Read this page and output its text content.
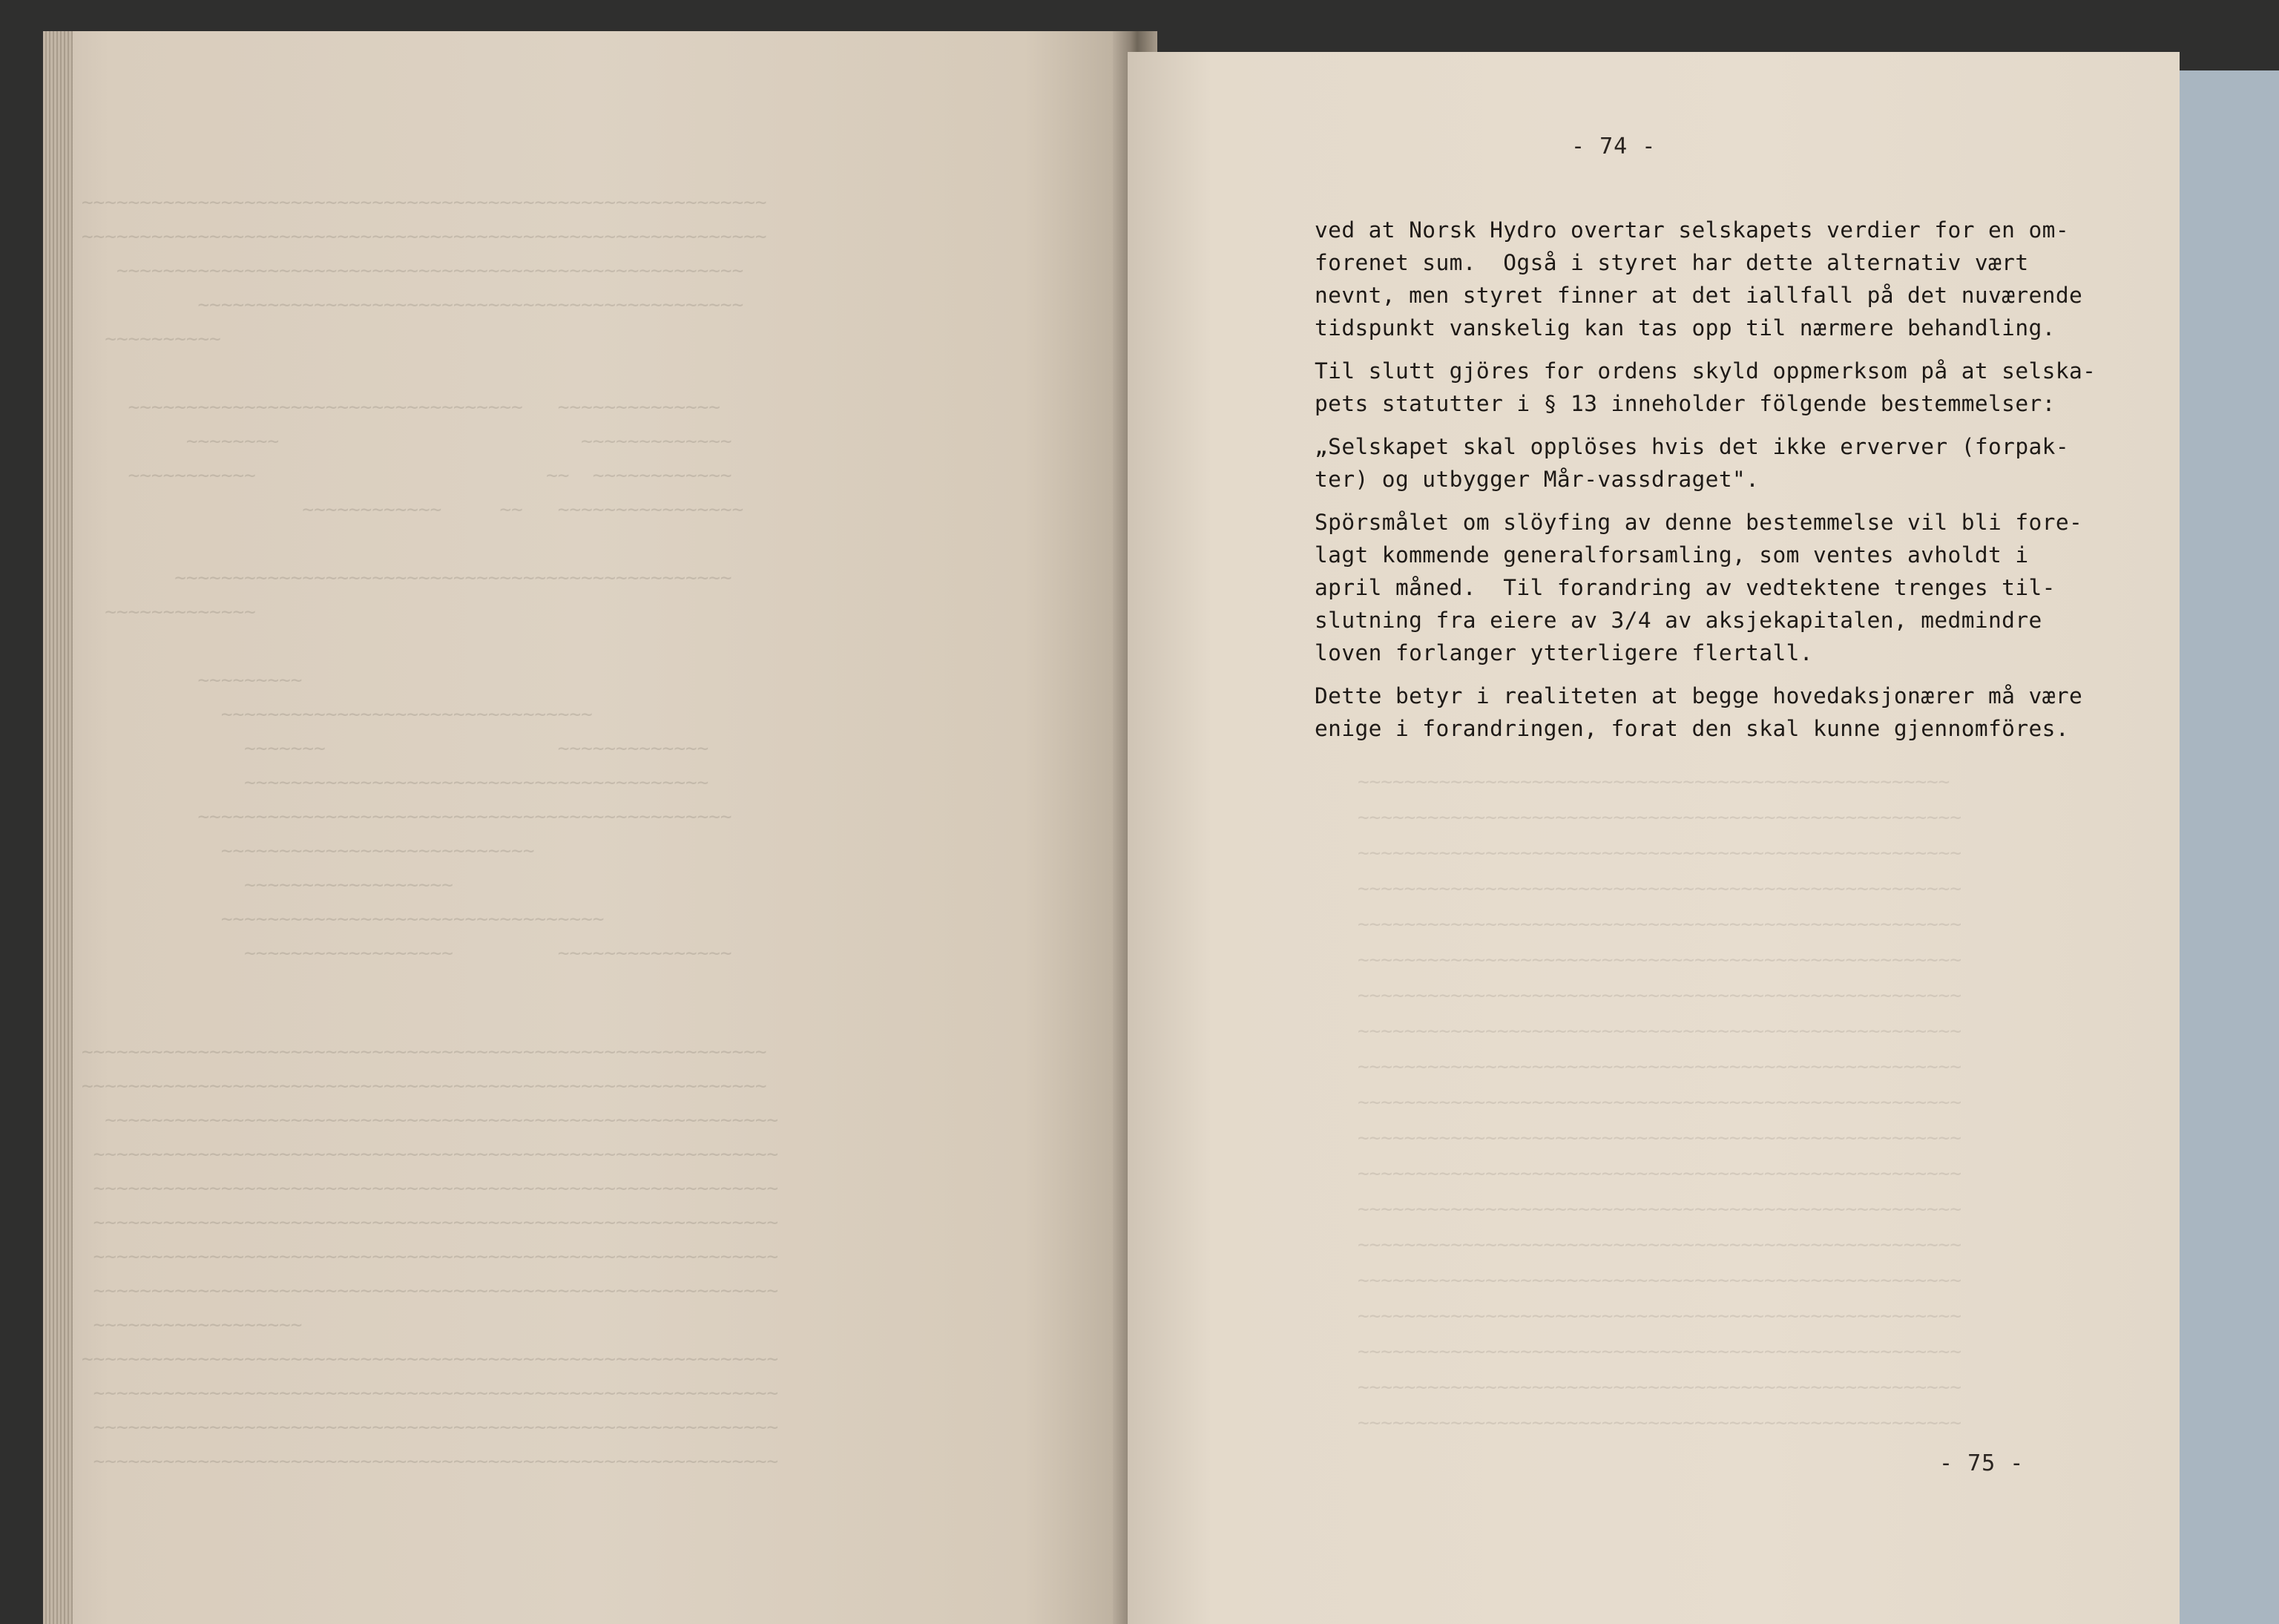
~~~~~~~~~~~~~~~~~~~~~~~~~~~~~~~~~~~~~~~~~~~~~~~~~~~~~~~~~~~
~~~~~~~~~~~~~~~~~~~~~~~~~~~~~~~~~~~~~~~~~~~~~~~~~~~~~~~~~~~
~~~~~~~~~~~~~~~~~~~~~~~~~~~~~~~~~~~~~~~~~~~~~~~~~~~~~~
~~~~~~~~~~~~~~~~~~~~~~~~~~~~~~~~~~~~~~~~~~~~~~~
~~~~~~~~~~

~~~~~~~~~~~~~~~~~~~~~~~~~~~~~~~~~~   ~~~~~~~~~~~~~~
~~~~~~~~                          ~~~~~~~~~~~~~
~~~~~~~~~~~                         ~~  ~~~~~~~~~~~~
~~~~~~~~~~~~     ~~   ~~~~~~~~~~~~~~~~

~~~~~~~~~~~~~~~~~~~~~~~~~~~~~~~~~~~~~~~~~~~~~~~~
~~~~~~~~~~~~~

~~~~~~~~~
~~~~~~~~~~~~~~~~~~~~~~~~~~~~~~~~
~~~~~~~                    ~~~~~~~~~~~~~
~~~~~~~~~~~~~~~~~~~~~~~~~~~~~~~~~~~~~~~~
~~~~~~~~~~~~~~~~~~~~~~~~~~~~~~~~~~~~~~~~~~~~~~
~~~~~~~~~~~~~~~~~~~~~~~~~~~
~~~~~~~~~~~~~~~~~~
~~~~~~~~~~~~~~~~~~~~~~~~~~~~~~~~~
~~~~~~~~~~~~~~~~~~         ~~~~~~~~~~~~~~~

~~~~~~~~~~~~~~~~~~~~~~~~~~~~~~~~~~~~~~~~~~~~~~~~~~~~~~~~~~~
~~~~~~~~~~~~~~~~~~~~~~~~~~~~~~~~~~~~~~~~~~~~~~~~~~~~~~~~~~~
~~~~~~~~~~~~~~~~~~~~~~~~~~~~~~~~~~~~~~~~~~~~~~~~~~~~~~~~~~
~~~~~~~~~~~~~~~~~~~~~~~~~~~~~~~~~~~~~~~~~~~~~~~~~~~~~~~~~~~
~~~~~~~~~~~~~~~~~~~~~~~~~~~~~~~~~~~~~~~~~~~~~~~~~~~~~~~~~~~
~~~~~~~~~~~~~~~~~~~~~~~~~~~~~~~~~~~~~~~~~~~~~~~~~~~~~~~~~~~
~~~~~~~~~~~~~~~~~~~~~~~~~~~~~~~~~~~~~~~~~~~~~~~~~~~~~~~~~~~
~~~~~~~~~~~~~~~~~~~~~~~~~~~~~~~~~~~~~~~~~~~~~~~~~~~~~~~~~~~
~~~~~~~~~~~~~~~~~~
~~~~~~~~~~~~~~~~~~~~~~~~~~~~~~~~~~~~~~~~~~~~~~~~~~~~~~~~~~~~
~~~~~~~~~~~~~~~~~~~~~~~~~~~~~~~~~~~~~~~~~~~~~~~~~~~~~~~~~~~
~~~~~~~~~~~~~~~~~~~~~~~~~~~~~~~~~~~~~~~~~~~~~~~~~~~~~~~~~~~
~~~~~~~~~~~~~~~~~~~~~~~~~~~~~~~~~~~~~~~~~~~~~~~~~~~~~~~~~~~

~~~~~~~~~~~~~~~~~~~~~~~~~~~~~~~~~~~~~~~~~~~~~~~~~~~
~~~~~~~~~~~~~~~~~~~~~~~~~~~~~~~~~~~~~~~~~~~~~~~~~~~~
~~~~~~~~~~~~~~~~~~~~~~~~~~~~~~~~~~~~~~~~~~~~~~~~~~~~
~~~~~~~~~~~~~~~~~~~~~~~~~~~~~~~~~~~~~~~~~~~~~~~~~~~~
~~~~~~~~~~~~~~~~~~~~~~~~~~~~~~~~~~~~~~~~~~~~~~~~~~~~
~~~~~~~~~~~~~~~~~~~~~~~~~~~~~~~~~~~~~~~~~~~~~~~~~~~~
~~~~~~~~~~~~~~~~~~~~~~~~~~~~~~~~~~~~~~~~~~~~~~~~~~~~
~~~~~~~~~~~~~~~~~~~~~~~~~~~~~~~~~~~~~~~~~~~~~~~~~~~~
~~~~~~~~~~~~~~~~~~~~~~~~~~~~~~~~~~~~~~~~~~~~~~~~~~~~
~~~~~~~~~~~~~~~~~~~~~~~~~~~~~~~~~~~~~~~~~~~~~~~~~~~~
~~~~~~~~~~~~~~~~~~~~~~~~~~~~~~~~~~~~~~~~~~~~~~~~~~~~
~~~~~~~~~~~~~~~~~~~~~~~~~~~~~~~~~~~~~~~~~~~~~~~~~~~~
~~~~~~~~~~~~~~~~~~~~~~~~~~~~~~~~~~~~~~~~~~~~~~~~~~~~
~~~~~~~~~~~~~~~~~~~~~~~~~~~~~~~~~~~~~~~~~~~~~~~~~~~~
~~~~~~~~~~~~~~~~~~~~~~~~~~~~~~~~~~~~~~~~~~~~~~~~~~~~
~~~~~~~~~~~~~~~~~~~~~~~~~~~~~~~~~~~~~~~~~~~~~~~~~~~~
~~~~~~~~~~~~~~~~~~~~~~~~~~~~~~~~~~~~~~~~~~~~~~~~~~~~
~~~~~~~~~~~~~~~~~~~~~~~~~~~~~~~~~~~~~~~~~~~~~~~~~~~~
~~~~~~~~~~~~~~~~~~~~~~~~~~~~~~~~~~~~~~~~~~~~~~~~~~~~

- 74 -
ved at Norsk Hydro overtar selskapets verdier for en om-
forenet sum.  Også i styret har dette alternativ vært
nevnt, men styret finner at det iallfall på det nuværende
tidspunkt vanskelig kan tas opp til nærmere behandling.
Til slutt gjöres for ordens skyld oppmerksom på at selska-
pets statutter i § 13 inneholder fölgende bestemmelser:
„Selskapet skal opplöses hvis det ikke erverver (forpak-
ter) og utbygger Mår-vassdraget".
Spörsmålet om slöyfing av denne bestemmelse vil bli fore-
lagt kommende generalforsamling, som ventes avholdt i
april måned.  Til forandring av vedtektene trenges til-
slutning fra eiere av 3/4 av aksjekapitalen, medmindre
loven forlanger ytterligere flertall.
Dette betyr i realiteten at begge hovedaksjonærer må være
enige i forandringen, forat den skal kunne gjennomföres.
- 75 -
